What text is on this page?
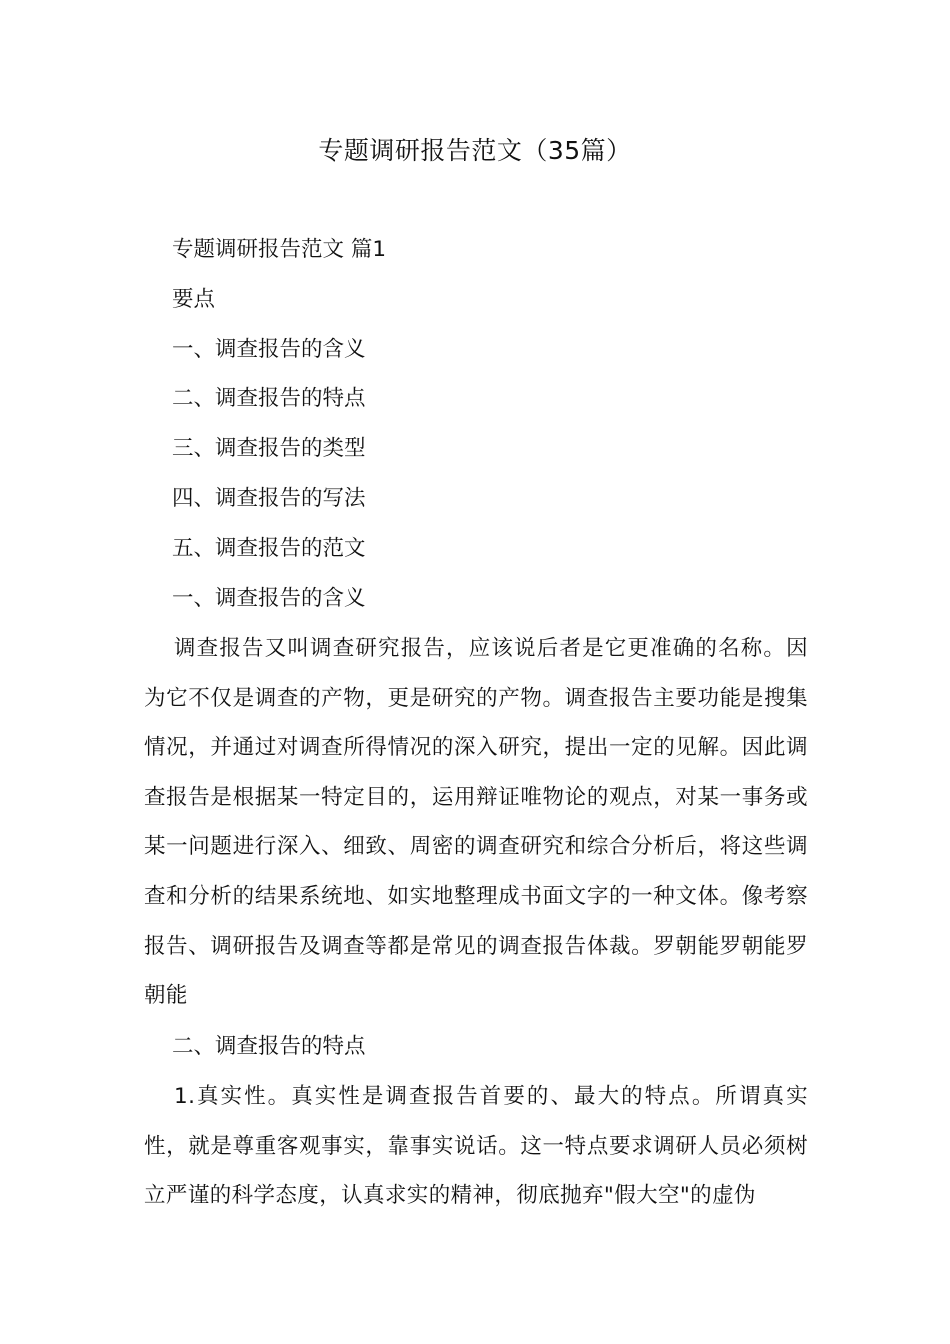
专题调研报告范文（35篇）
专题调研报告范文 篇1
要点
一、调查报告的含义
二、调查报告的特点
三、调查报告的类型
四、调查报告的写法
五、调查报告的范文
一、调查报告的含义

调查报告又叫调查研究报告，应该说后者是它更准确的名称。因为它不仅是调查的产物，更是研究的产物。调查报告主要功能是搜集情况，并通过对调查所得情况的深入研究，提出一定的见解。因此调查报告是根据某一特定目的，运用辩证唯物论的观点，对某一事务或某一问题进行深入、细致、周密的调查研究和综合分析后，将这些调查和分析的结果系统地、如实地整理成书面文字的一种文体。像考察报告、调研报告及调查等都是常见的调查报告体裁。罗朝能罗朝能罗朝能

二、调查报告的特点

1.真实性。真实性是调查报告首要的、最大的特点。所谓真实性，就是尊重客观事实，靠事实说话。这一特点要求调研人员必须树立严谨的科学态度，认真求实的精神，彻底抛弃"假大空"的虚伪
